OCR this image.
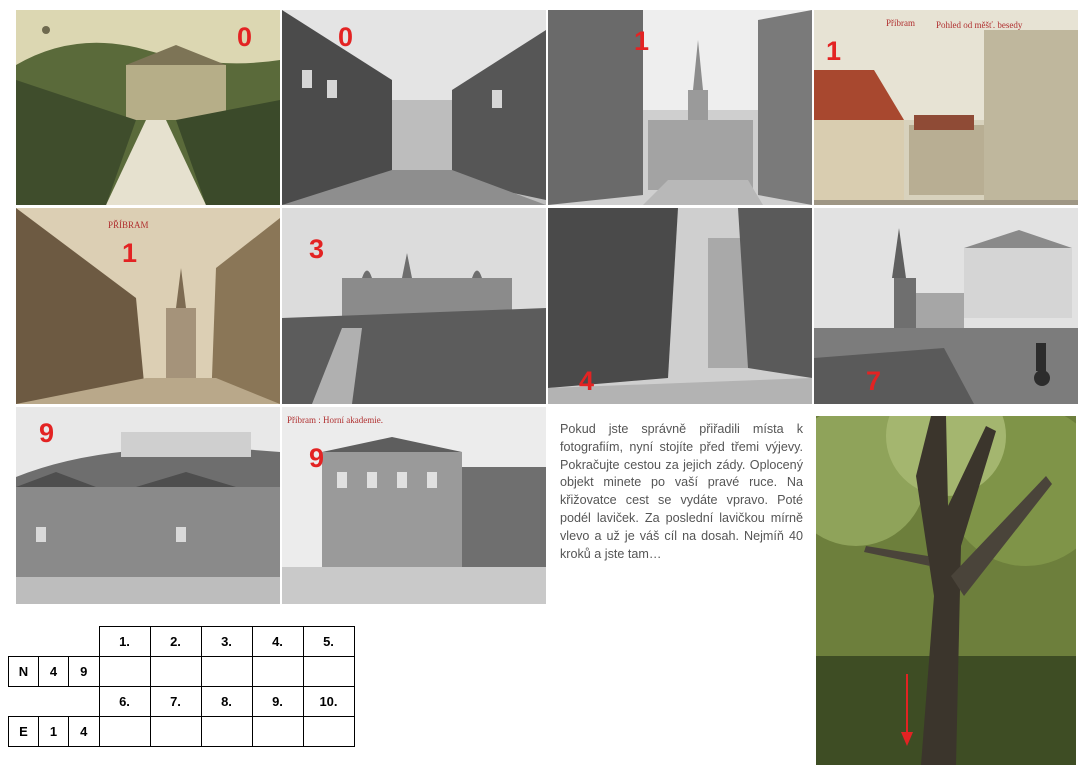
0	0	1	1
Příbram Pohled od měšť. besedy
1
PŘÍBRAM
3
4	7
9
9
Příbram : Horní akademie.
Pokud jste správně přiřadili místa k fotografiím, nyní stojíte před třemi výjevy. Pokračujte cestou za jejich zády. Oplocený objekt minete po vaší pravé ruce. Na křižovatce cest se vydáte vpravo. Poté podél laviček. Za poslední lavičkou mírně vlevo a už je váš cíl na dosah. Nejmíň 40 kroků a jste tam…
			1.	2.	3.	4.	5.
N	4	9					
			6.	7.	8.	9.	10.
E	1	4					
